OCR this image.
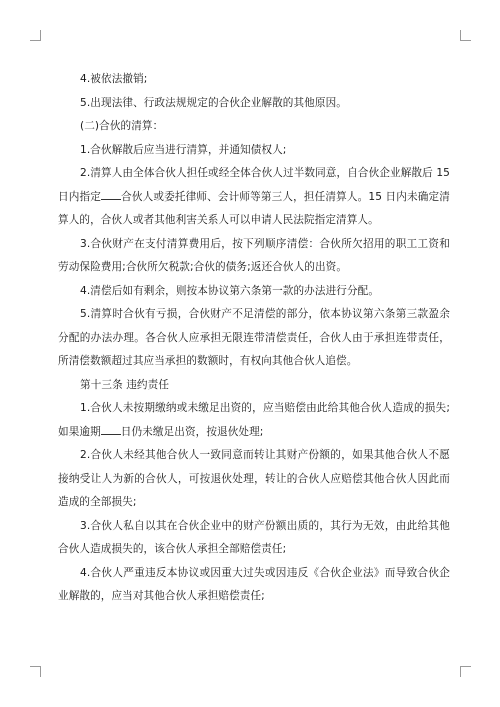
4.被依法撤销;

5.出现法律、行政法规规定的合伙企业解散的其他原因。

(二)合伙的清算：

1.合伙解散后应当进行清算，并通知债权人;

2.清算人由全体合伙人担任或经全体合伙人过半数同意，自合伙企业解散后 15 日内指定 合伙人或委托律师、会计师等第三人，担任清算人。15 日内未确定清算人的，合伙人或者其他利害关系人可以申请人民法院指定清算人。

3.合伙财产在支付清算费用后，按下列顺序清偿：合伙所欠招用的职工工资和劳动保险费用;合伙所欠税款;合伙的债务;返还合伙人的出资。

4.清偿后如有剩余，则按本协议第六条第一款的办法进行分配。

5.清算时合伙有亏损，合伙财产不足清偿的部分，依本协议第六条第三款盈余分配的办法办理。各合伙人应承担无限连带清偿责任，合伙人由于承担连带责任，所清偿数额超过其应当承担的数额时，有权向其他合伙人追偿。

第十三条 违约责任

1.合伙人未按期缴纳或未缴足出资的，应当赔偿由此给其他合伙人造成的损失;如果逾期 日仍未缴足出资，按退伙处理;

2.合伙人未经其他合伙人一致同意而转让其财产份额的，如果其他合伙人不愿接纳受让人为新的合伙人，可按退伙处理，转让的合伙人应赔偿其他合伙人因此而造成的全部损失;

3.合伙人私自以其在合伙企业中的财产份额出质的，其行为无效，由此给其他合伙人造成损失的，该合伙人承担全部赔偿责任;

4.合伙人严重违反本协议或因重大过失或因违反《合伙企业法》而导致合伙企业解散的，应当对其他合伙人承担赔偿责任;
